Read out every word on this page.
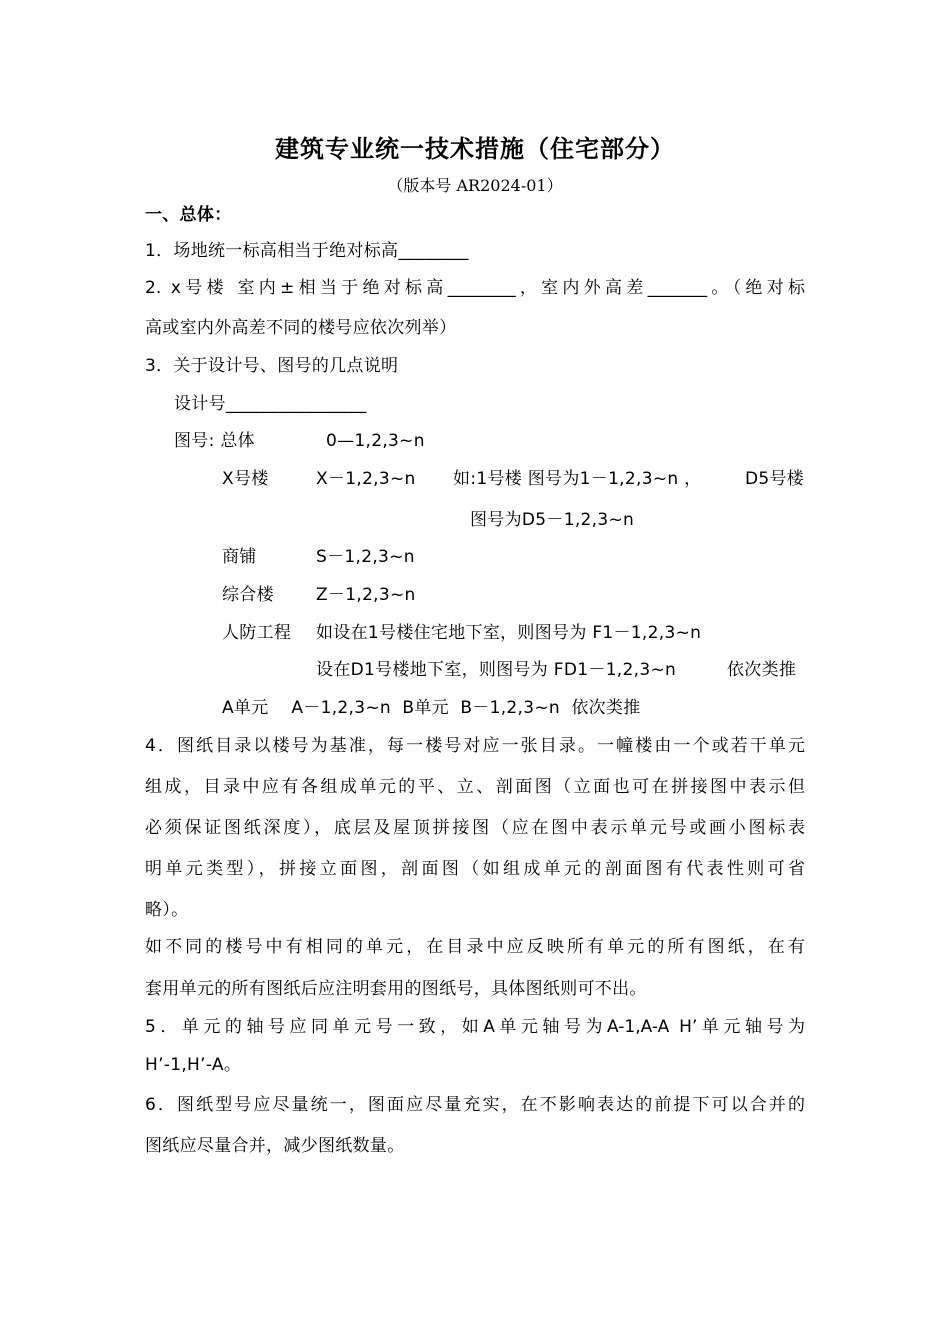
建筑专业统一技术措施（住宅部分）
（版本号 AR2024-01）
一、总体：
1．场地统一标高相当于绝对标高________
2. x号楼 室内±相当于绝对标高________，室内外高差_______。（绝对标
高或室内外高差不同的楼号应依次列举）
3．关于设计号、图号的几点说明
设计号________________
图号: 总体	0—1,2,3~n
X号楼	X－1,2,3~n 如:1号楼 图号为1－1,2,3~n ，	D5号楼
图号为D5－1,2,3~n
商铺	S－1,2,3~n
综合楼 Z－1,2,3~n
人防工程 如设在1号楼住宅地下室，则图号为 F1－1,2,3~n
设在D1号楼地下室，则图号为 FD1－1,2,3~n	依次类推
A单元    A－1,2,3~n  B单元  B－1,2,3~n  依次类推
4．图纸目录以楼号为基准，每一楼号对应一张目录。一幢楼由一个或若干单元
组成，目录中应有各组成单元的平、立、剖面图（立面也可在拼接图中表示但
必须保证图纸深度），底层及屋顶拼接图（应在图中表示单元号或画小图标表
明单元类型），拼接立面图，剖面图（如组成单元的剖面图有代表性则可省
略）。
如不同的楼号中有相同的单元，在目录中应反映所有单元的所有图纸，在有
套用单元的所有图纸后应注明套用的图纸号，具体图纸则可不出。
5．单元的轴号应同单元号一致，如A单元轴号为A-1,A-A H’单元轴号为
H’-1,H’-A。
6．图纸型号应尽量统一，图面应尽量充实，在不影响表达的前提下可以合并的
图纸应尽量合并，减少图纸数量。
